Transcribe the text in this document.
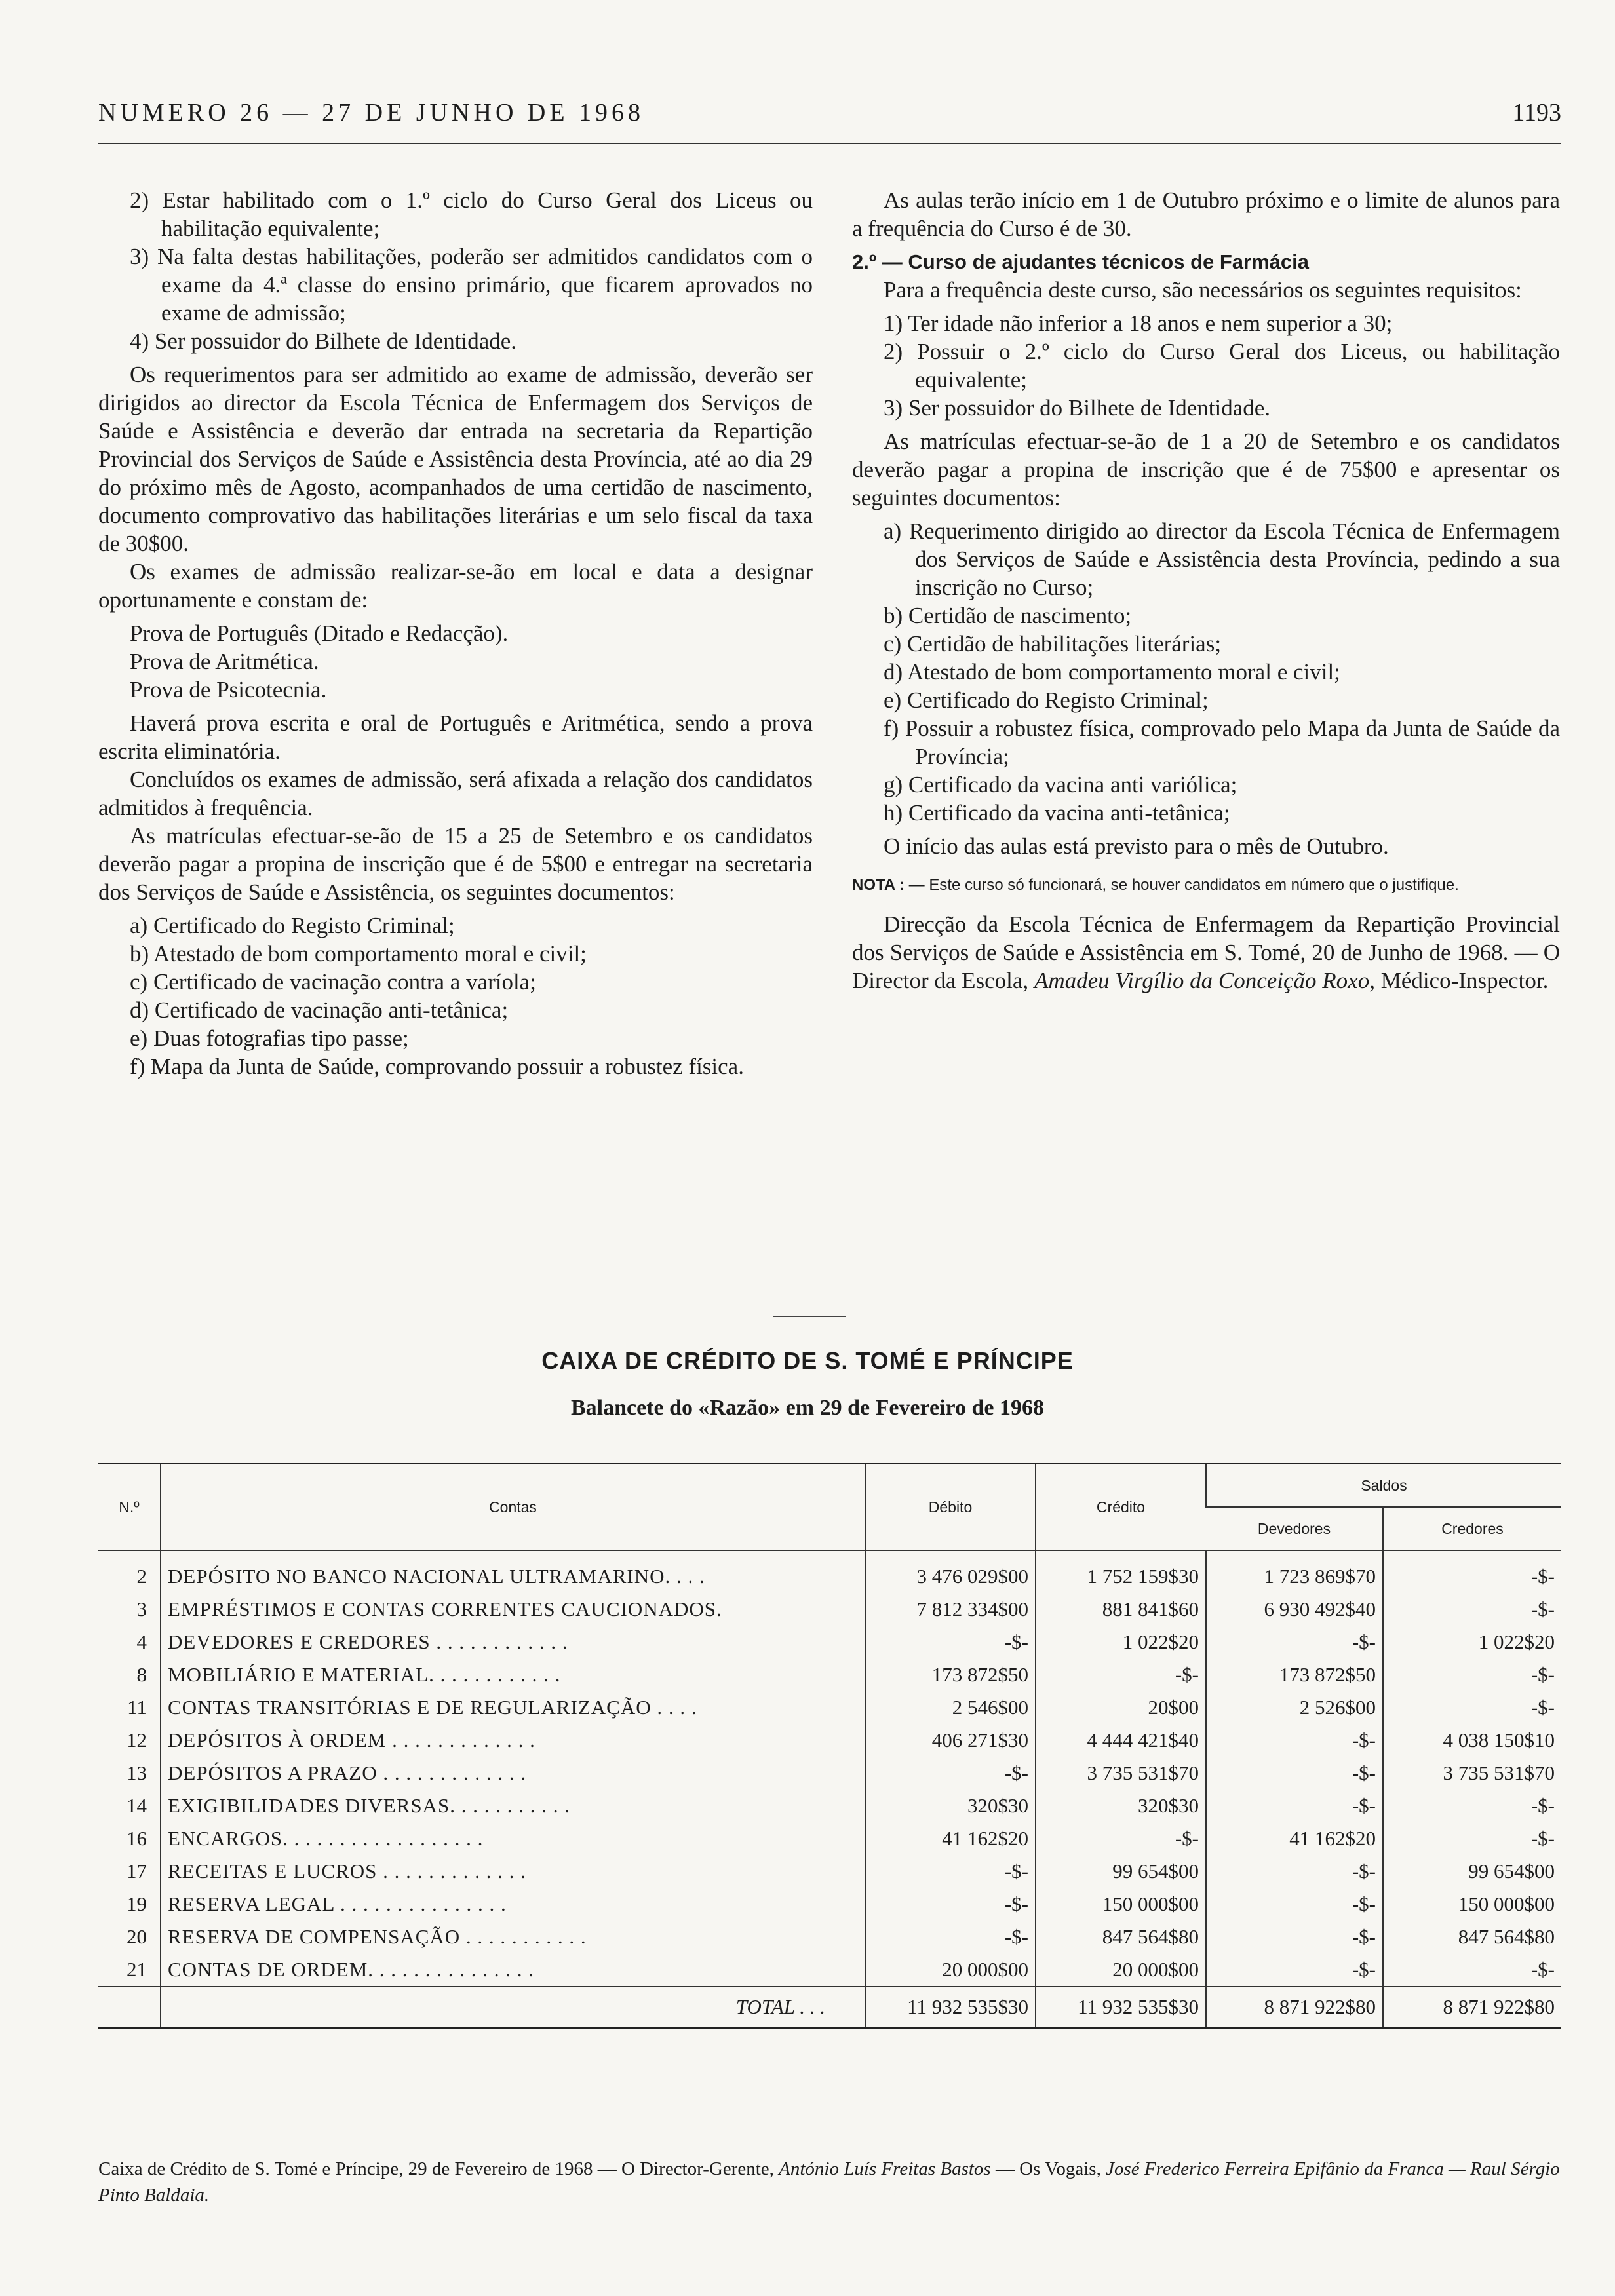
NUMERO 26 — 27 DE JUNHO DE 1968	1193

2) Estar habilitado com o 1.º ciclo do Curso Geral dos Liceus ou habilitação equivalente;

3) Na falta destas habilitações, poderão ser admitidos candidatos com o exame da 4.ª classe do ensino primário, que ficarem aprovados no exame de admissão;

4) Ser possuidor do Bilhete de Identidade.

Os requerimentos para ser admitido ao exame de admissão, deverão ser dirigidos ao director da Escola Técnica de Enfermagem dos Serviços de Saúde e Assistência e deverão dar entrada na secretaria da Repartição Provincial dos Serviços de Saúde e Assistência desta Província, até ao dia 29 do próximo mês de Agosto, acompanhados de uma certidão de nascimento, documento comprovativo das habilitações literárias e um selo fiscal da taxa de 30$00.

Os exames de admissão realizar-se-ão em local e data a designar oportunamente e constam de:

Prova de Português (Ditado e Redacção).

Prova de Aritmética.

Prova de Psicotecnia.

Haverá prova escrita e oral de Português e Aritmética, sendo a prova escrita eliminatória.

Concluídos os exames de admissão, será afixada a relação dos candidatos admitidos à frequência.

As matrículas efectuar-se-ão de 15 a 25 de Setembro e os candidatos deverão pagar a propina de inscrição que é de 5$00 e entregar na secretaria dos Serviços de Saúde e Assistência, os seguintes documentos:

a) Certificado do Registo Criminal;

b) Atestado de bom comportamento moral e civil;

c) Certificado de vacinação contra a varíola;

d) Certificado de vacinação anti-tetânica;

e) Duas fotografias tipo passe;

f) Mapa da Junta de Saúde, comprovando possuir a robustez física.

As aulas terão início em 1 de Outubro próximo e o limite de alunos para a frequência do Curso é de 30.

2.º — Curso de ajudantes técnicos de Farmácia

Para a frequência deste curso, são necessários os seguintes requisitos:

1) Ter idade não inferior a 18 anos e nem superior a 30;

2) Possuir o 2.º ciclo do Curso Geral dos Liceus, ou habilitação equivalente;

3) Ser possuidor do Bilhete de Identidade.

As matrículas efectuar-se-ão de 1 a 20 de Setembro e os candidatos deverão pagar a propina de inscrição que é de 75$00 e apresentar os seguintes documentos:

a) Requerimento dirigido ao director da Escola Técnica de Enfermagem dos Serviços de Saúde e Assistência desta Província, pedindo a sua inscrição no Curso;

b) Certidão de nascimento;

c) Certidão de habilitações literárias;

d) Atestado de bom comportamento moral e civil;

e) Certificado do Registo Criminal;

f) Possuir a robustez física, comprovado pelo Mapa da Junta de Saúde da Província;

g) Certificado da vacina anti variólica;

h) Certificado da vacina anti-tetânica;

O início das aulas está previsto para o mês de Outubro.

NOTA : — Este curso só funcionará, se houver candidatos em número que o justifique.

Direcção da Escola Técnica de Enfermagem da Repartição Provincial dos Serviços de Saúde e Assistência em S. Tomé, 20 de Junho de 1968. — O Director da Escola, Amadeu Virgílio da Conceição Roxo, Médico-Inspector.

CAIXA DE CRÉDITO DE S. TOMÉ E PRÍNCIPE
Balancete do «Razão» em 29 de Fevereiro de 1968
N.º	Contas	Débito	Crédito	Saldos	
				Devedores	Credores
2	DEPÓSITO NO BANCO NACIONAL ULTRAMARINO. . . .	3 476 029$00	1 752 159$30	1 723 869$70	-$-
3	EMPRÉSTIMOS E CONTAS CORRENTES CAUCIONADOS.	7 812 334$00	881 841$60	6 930 492$40	-$-
4	DEVEDORES E CREDORES . . . . . . . . . . . .	-$-	1 022$20	-$-	1 022$20
8	MOBILIÁRIO E MATERIAL. . . . . . . . . . . .	173 872$50	-$-	173 872$50	-$-
11	CONTAS TRANSITÓRIAS E DE REGULARIZAÇÃO . . . .	2 546$00	20$00	2 526$00	-$-
12	DEPÓSITOS À ORDEM . . . . . . . . . . . . .	406 271$30	4 444 421$40	-$-	4 038 150$10
13	DEPÓSITOS A PRAZO . . . . . . . . . . . . .	-$-	3 735 531$70	-$-	3 735 531$70
14	EXIGIBILIDADES DIVERSAS. . . . . . . . . . .	320$30	320$30	-$-	-$-
16	ENCARGOS. . . . . . . . . . . . . . . . . .	41 162$20	-$-	41 162$20	-$-
17	RECEITAS E LUCROS . . . . . . . . . . . . .	-$-	99 654$00	-$-	99 654$00
19	RESERVA LEGAL . . . . . . . . . . . . . . .	-$-	150 000$00	-$-	150 000$00
20	RESERVA DE COMPENSAÇÃO . . . . . . . . . . .	-$-	847 564$80	-$-	847 564$80
21	CONTAS DE ORDEM. . . . . . . . . . . . . . .	20 000$00	20 000$00	-$-	-$-
	TOTAL . . .	11 932 535$30	11 932 535$30	8 871 922$80	8 871 922$80

Caixa de Crédito de S. Tomé e Príncipe, 29 de Fevereiro de 1968 — O Director-Gerente, António Luís Freitas Bastos — Os Vogais, José Frederico Ferreira Epifânio da Franca — Raul Sérgio Pinto Baldaia.
